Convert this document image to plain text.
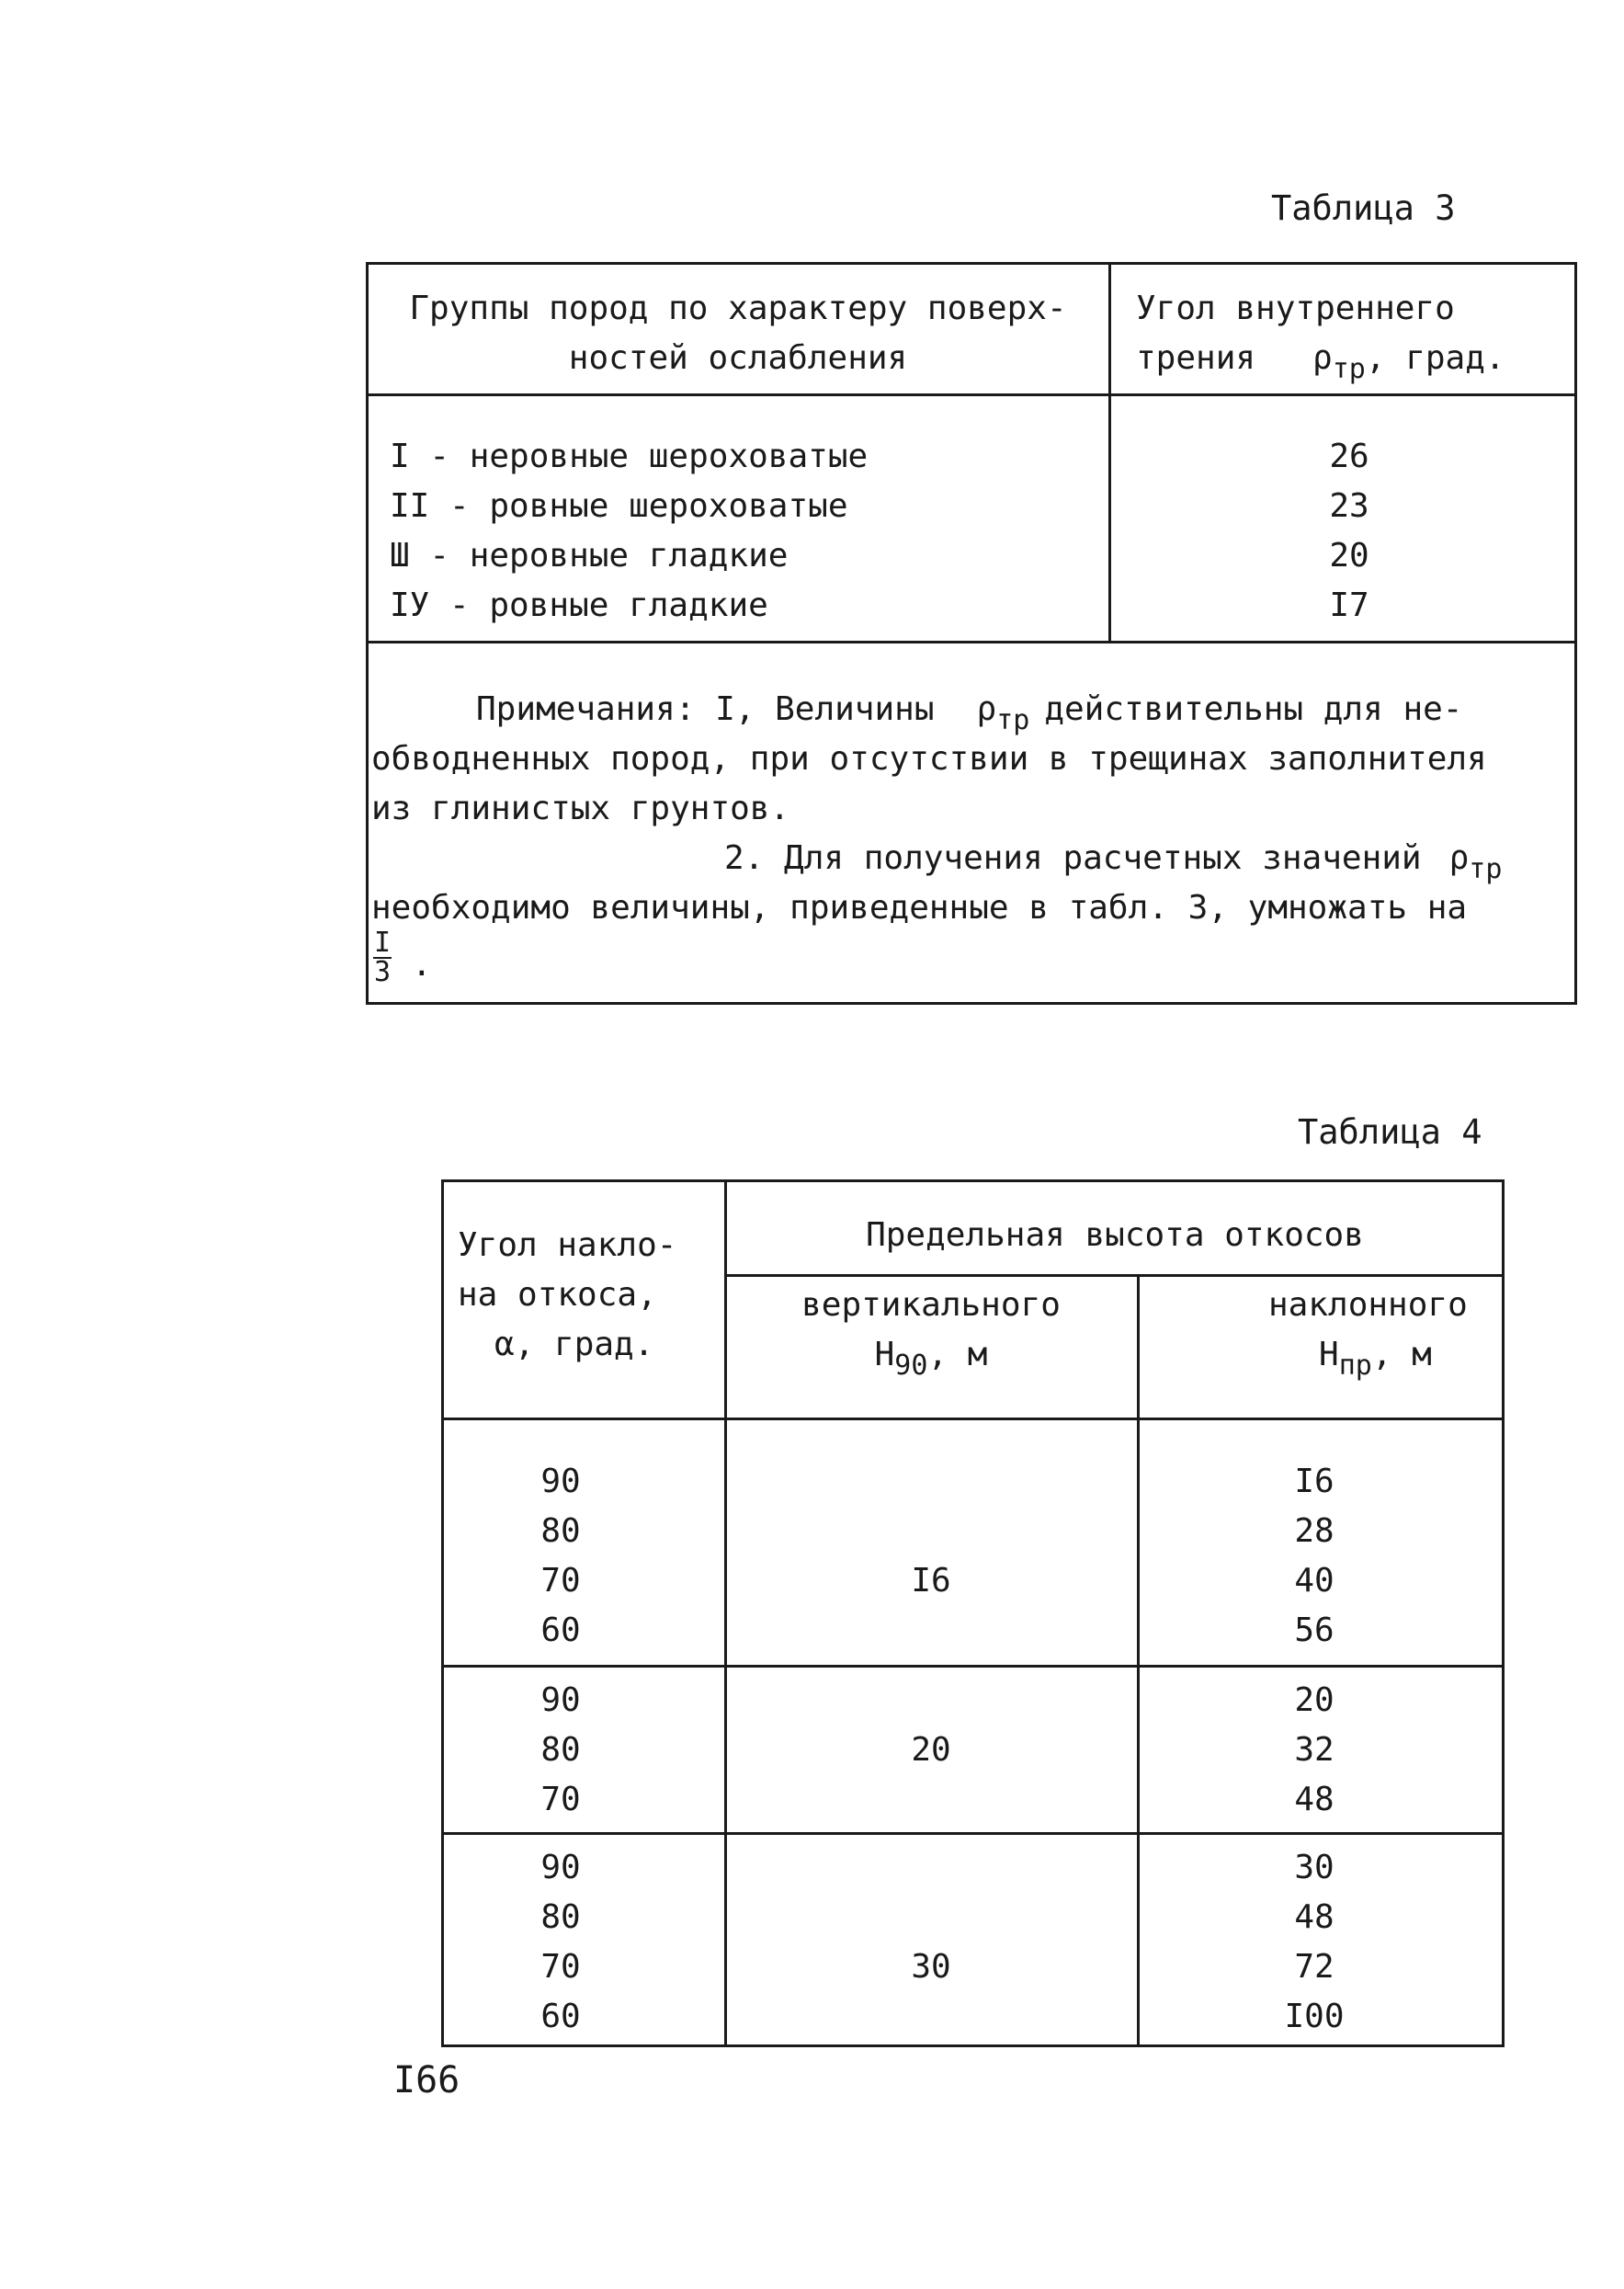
Таблица 3
Группы пород по характеру поверх-
ностей ослабления
Угол внутреннего
трения $\rho_{тр}$, град.
I - неровные шероховатые
II - ровные шероховатые
Ш - неровные гладкие
IУ - ровные гладкие
26
23
20
I7
Примечания: I, Величины $\rho_{тр}$ действительны для не-
обводненных пород, при отсутствии в трещинах заполнителя
из глинистых грунтов.
2. Для получения расчетных значений $\rho_{тр}$
необходимо величины, приведенные в табл. 3, умножать на
$\frac{I}{3}$ .
Таблица 4
Угол накло-
на откоса,
α, град.
Предельная высота откосов
вертикального
$H_{90}$, м
наклонного
$H_{пр}$, м
90
80
70
60
I6
I6
28
40
56
90
80
70
20
20
32
48
90
80
70
60
30
30
48
72
I00
I66
